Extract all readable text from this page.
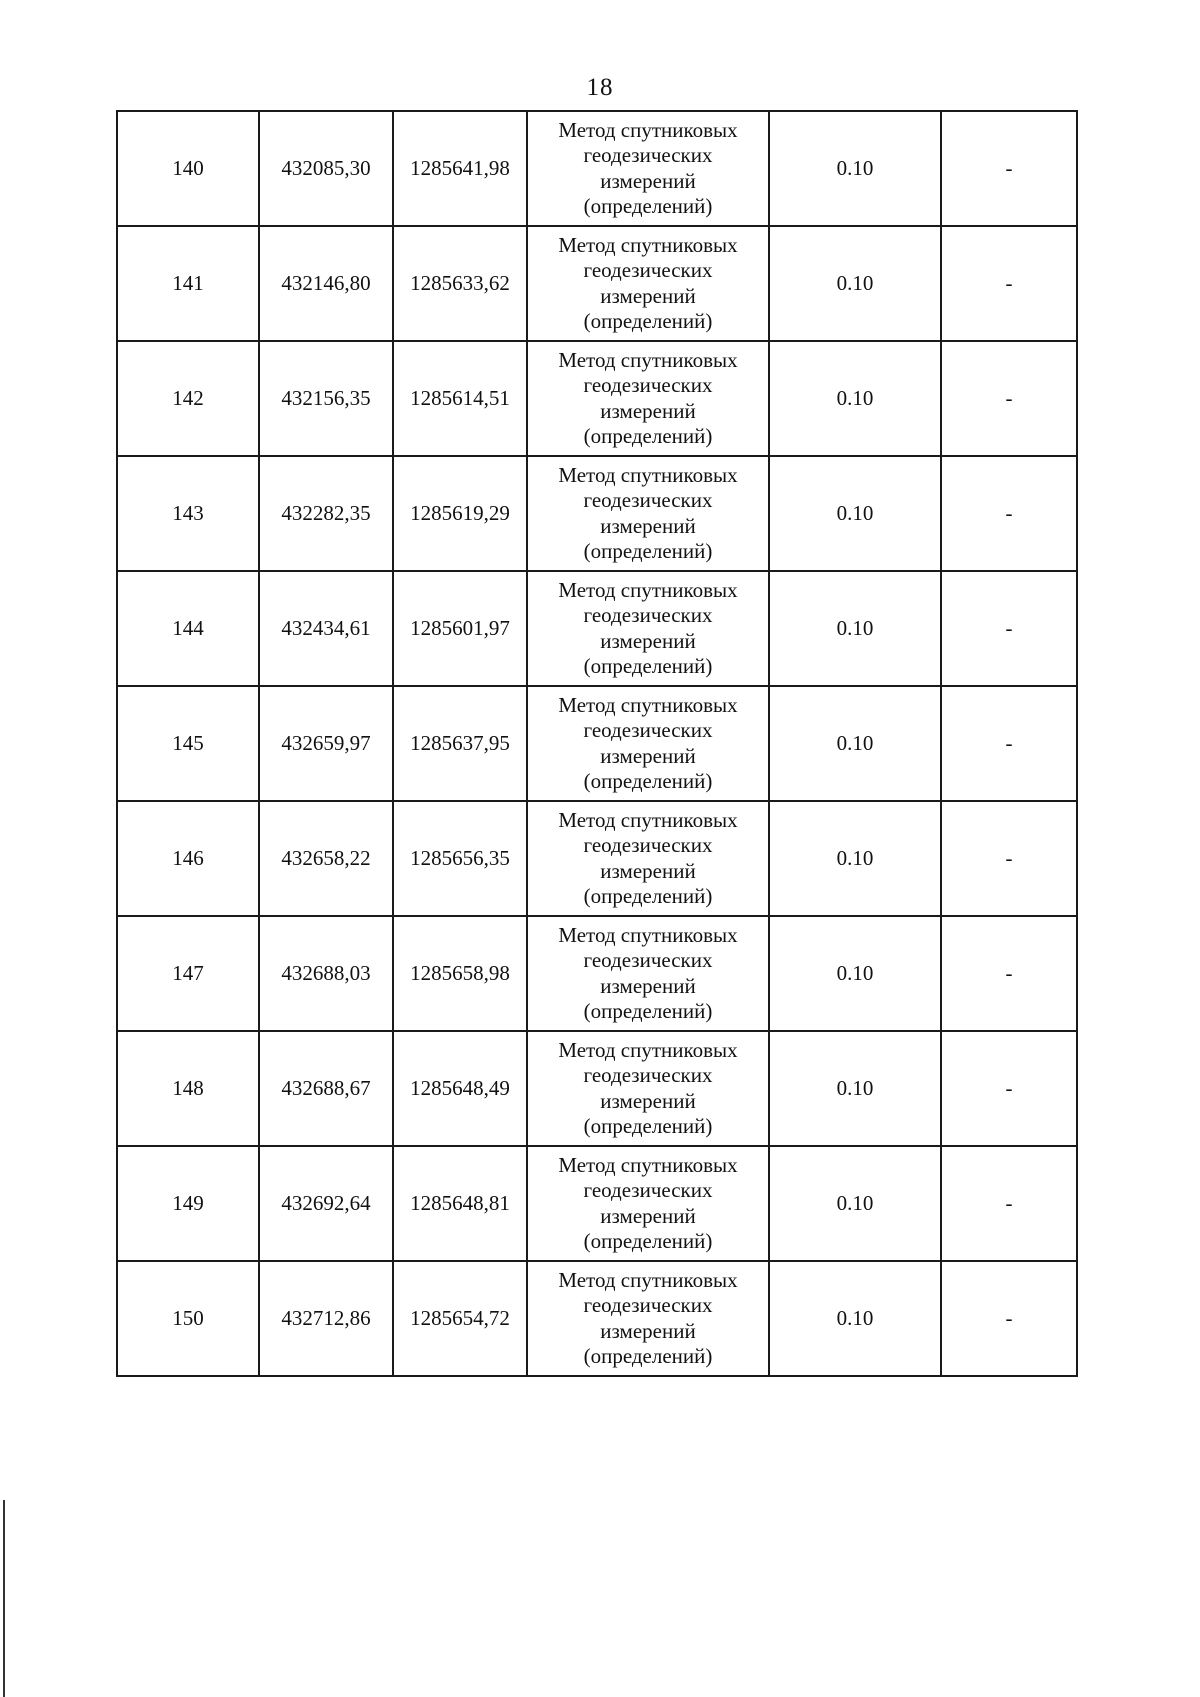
18
140	432085,30	1285641,98	Метод спутниковых
геодезических
измерений
(определений)	0.10	-
141	432146,80	1285633,62	Метод спутниковых
геодезических
измерений
(определений)	0.10	-
142	432156,35	1285614,51	Метод спутниковых
геодезических
измерений
(определений)	0.10	-
143	432282,35	1285619,29	Метод спутниковых
геодезических
измерений
(определений)	0.10	-
144	432434,61	1285601,97	Метод спутниковых
геодезических
измерений
(определений)	0.10	-
145	432659,97	1285637,95	Метод спутниковых
геодезических
измерений
(определений)	0.10	-
146	432658,22	1285656,35	Метод спутниковых
геодезических
измерений
(определений)	0.10	-
147	432688,03	1285658,98	Метод спутниковых
геодезических
измерений
(определений)	0.10	-
148	432688,67	1285648,49	Метод спутниковых
геодезических
измерений
(определений)	0.10	-
149	432692,64	1285648,81	Метод спутниковых
геодезических
измерений
(определений)	0.10	-
150	432712,86	1285654,72	Метод спутниковых
геодезических
измерений
(определений)	0.10	-
